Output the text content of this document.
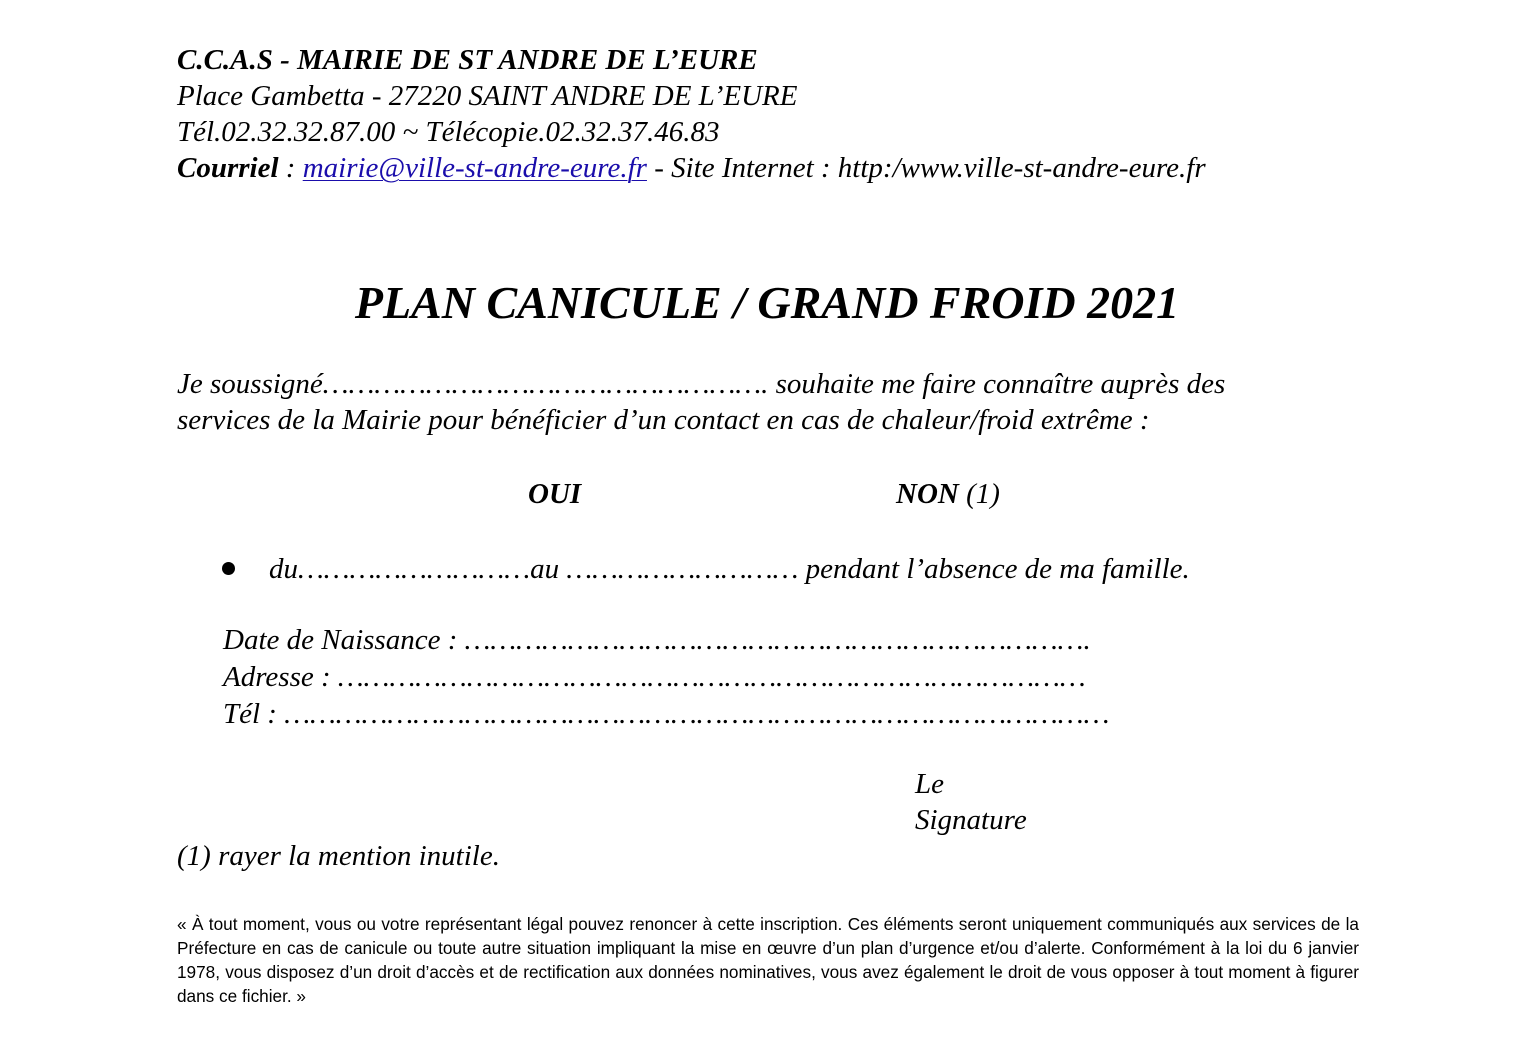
C.C.A.S - MAIRIE DE ST ANDRE DE L’EURE
Place Gambetta - 27220 SAINT ANDRE DE L’EURE
Tél.02.32.32.87.00 ~ Télécopie.02.32.37.46.83
Courriel : mairie@ville-st-andre-eure.fr - Site Internet : http:/www.ville-st-andre-eure.fr
PLAN CANICULE / GRAND FROID 2021
Je soussigné……………………………………………. souhaite me faire connaître auprès des
services de la Mairie pour bénéficier d’un contact en cas de chaleur/froid extrême :
OUI	NON (1)
du………………………au ……………………… pendant l’absence de ma famille.
Date de Naissance : ……………………………………………………………….
Adresse : ……………………………………………………………………………
Tél : ……………………………………………………………………………………
Le
Signature
(1) rayer la mention inutile.
« À tout moment, vous ou votre représentant légal pouvez renoncer à cette inscription. Ces éléments seront uniquement communiqués aux services de la Préfecture en cas de canicule ou toute autre situation impliquant la mise en œuvre d’un plan d’urgence et/ou d’alerte. Conformément à la loi du 6 janvier 1978, vous disposez d’un droit d’accès et de rectification aux données nominatives, vous avez également le droit de vous opposer à tout moment à figurer dans ce fichier. »
